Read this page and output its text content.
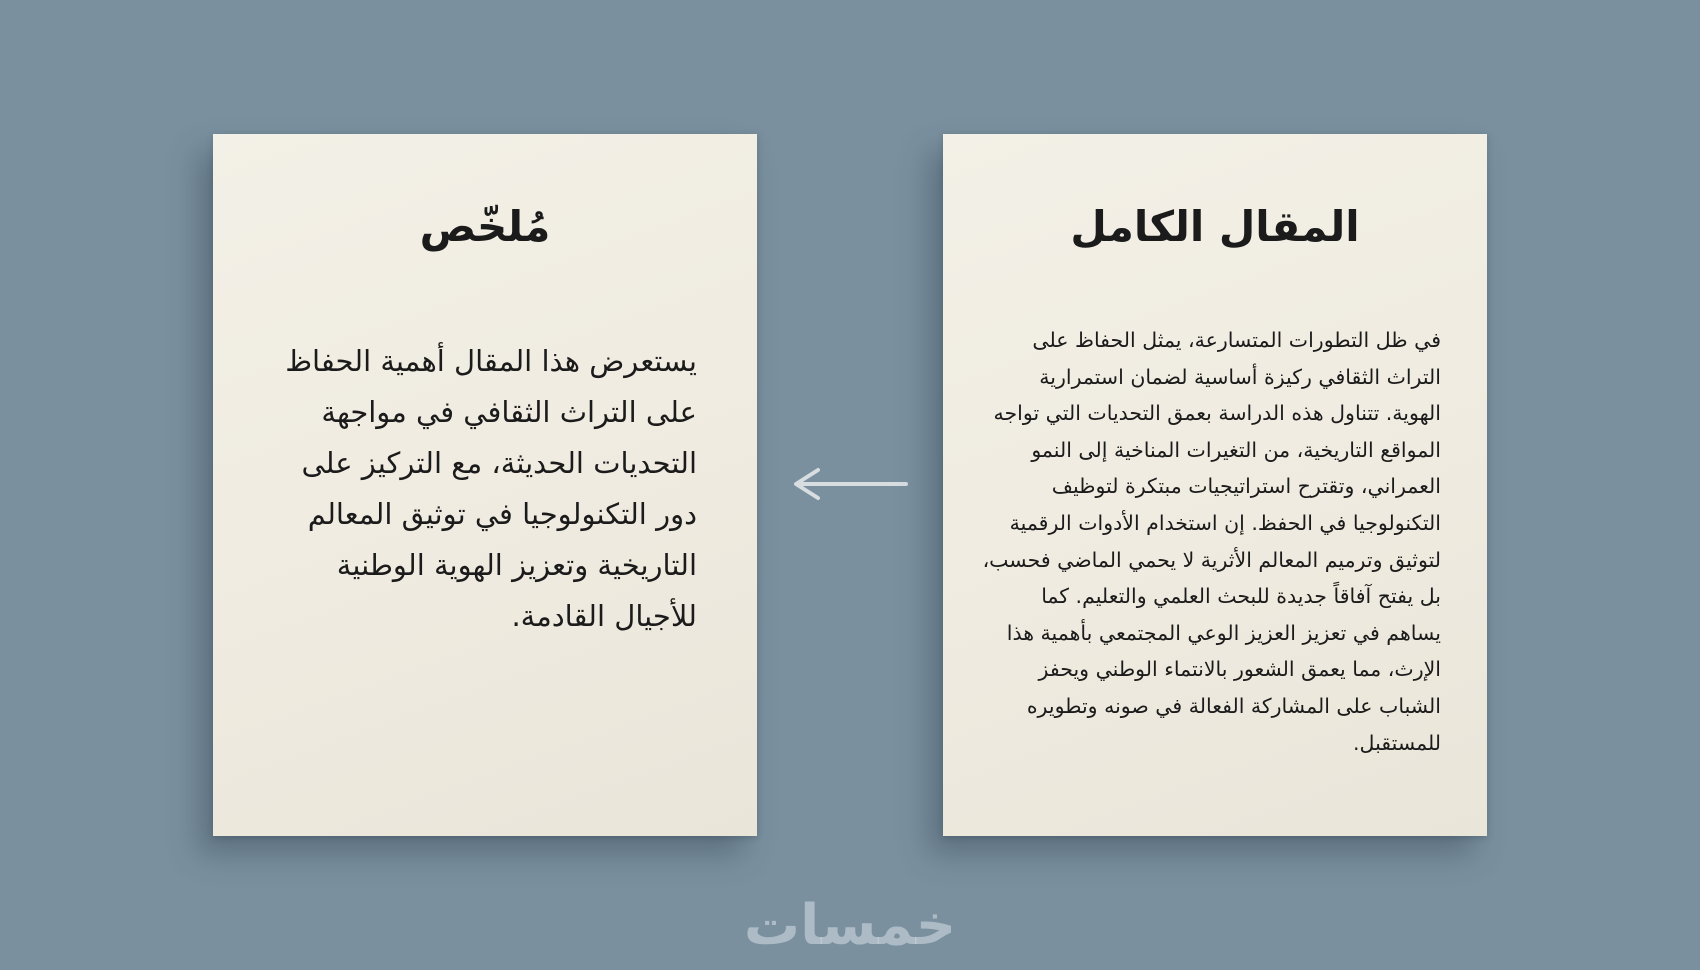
مُلخّص

يستعرض هذا المقال أهمية الحفاظ على التراث الثقافي في مواجهة التحديات الحديثة، مع التركيز على دور التكنولوجيا في توثيق المعالم التاريخية وتعزيز الهوية الوطنية للأجيال القادمة.

المقال الكامل

في ظل التطورات المتسارعة، يمثل الحفاظ على التراث الثقافي ركيزة أساسية لضمان استمرارية الهوية. تتناول هذه الدراسة بعمق التحديات التي تواجه المواقع التاريخية، من التغيرات المناخية إلى النمو العمراني، وتقترح استراتيجيات مبتكرة لتوظيف التكنولوجيا في الحفظ. إن استخدام الأدوات الرقمية لتوثيق وترميم المعالم الأثرية لا يحمي الماضي فحسب، بل يفتح آفاقاً جديدة للبحث العلمي والتعليم. كما يساهم في تعزيز العزيز الوعي المجتمعي بأهمية هذا الإرث، مما يعمق الشعور بالانتماء الوطني ويحفز الشباب على المشاركة الفعالة في صونه وتطويره للمستقبل.

خمسات
